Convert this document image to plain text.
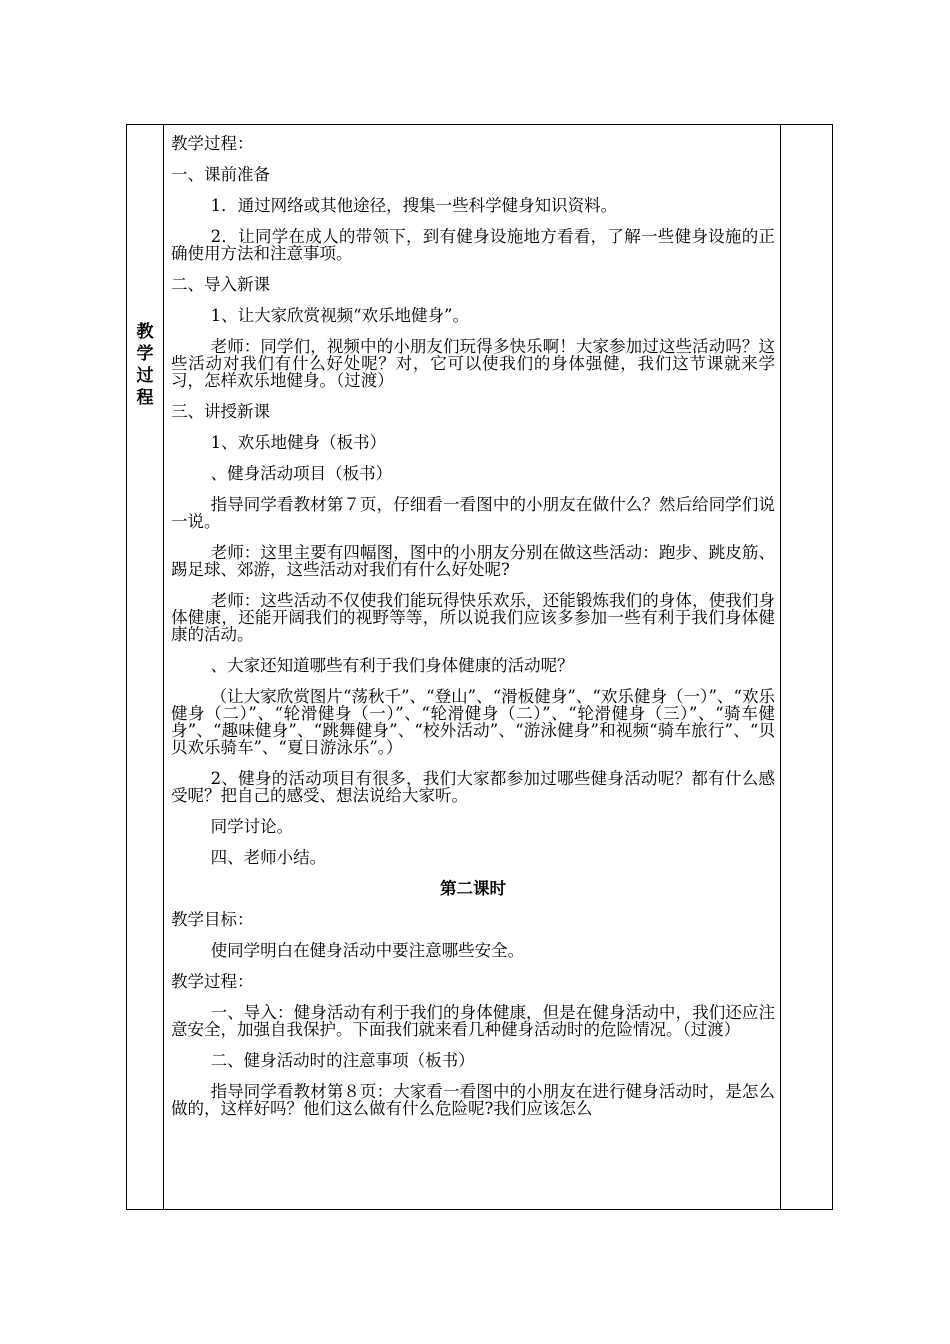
教
学
过
程

教学过程：

一、课前准备

1．通过网络或其他途径，搜集一些科学健身知识资料。

2．让同学在成人的带领下，到有健身设施地方看看，了解一些健身设施的正确使用方法和注意事项。

二、导入新课

1、让大家欣赏视频“欢乐地健身”。

老师：同学们，视频中的小朋友们玩得多快乐啊！大家参加过这些活动吗？这些活动对我们有什么好处呢？对，它可以使我们的身体强健，我们这节课就来学习，怎样欢乐地健身。（过渡）

三、讲授新课

1、欢乐地健身（板书）

、健身活动项目（板书）

指导同学看教材第７页，仔细看一看图中的小朋友在做什么？然后给同学们说一说。

老师：这里主要有四幅图，图中的小朋友分别在做这些活动：跑步、跳皮筋、踢足球、郊游，这些活动对我们有什么好处呢?

老师：这些活动不仅使我们能玩得快乐欢乐，还能锻炼我们的身体，使我们身体健康，还能开阔我们的视野等等，所以说我们应该多参加一些有利于我们身体健康的活动。

、大家还知道哪些有利于我们身体健康的活动呢？

（让大家欣赏图片“荡秋千”、“登山”、“滑板健身”、“欢乐健身（一）”、“欢乐健身（二）”、“轮滑健身（一）”、“轮滑健身（二）”、“轮滑健身（三）”、“骑车健身”、“趣味健身”、“跳舞健身”、“校外活动”、“游泳健身”和视频“骑车旅行”、“贝贝欢乐骑车”、“夏日游泳乐”。）

2、健身的活动项目有很多，我们大家都参加过哪些健身活动呢？都有什么感受呢？把自己的感受、想法说给大家听。

同学讨论。

四、老师小结。

第二课时

教学目标：

使同学明白在健身活动中要注意哪些安全。

教学过程：

一、导入：健身活动有利于我们的身体健康，但是在健身活动中，我们还应注意安全，加强自我保护。下面我们就来看几种健身活动时的危险情况。（过渡）

二、健身活动时的注意事项（板书）

指导同学看教材第８页：大家看一看图中的小朋友在进行健身活动时，是怎么做的，这样好吗？他们这么做有什么危险呢?我们应该怎么
